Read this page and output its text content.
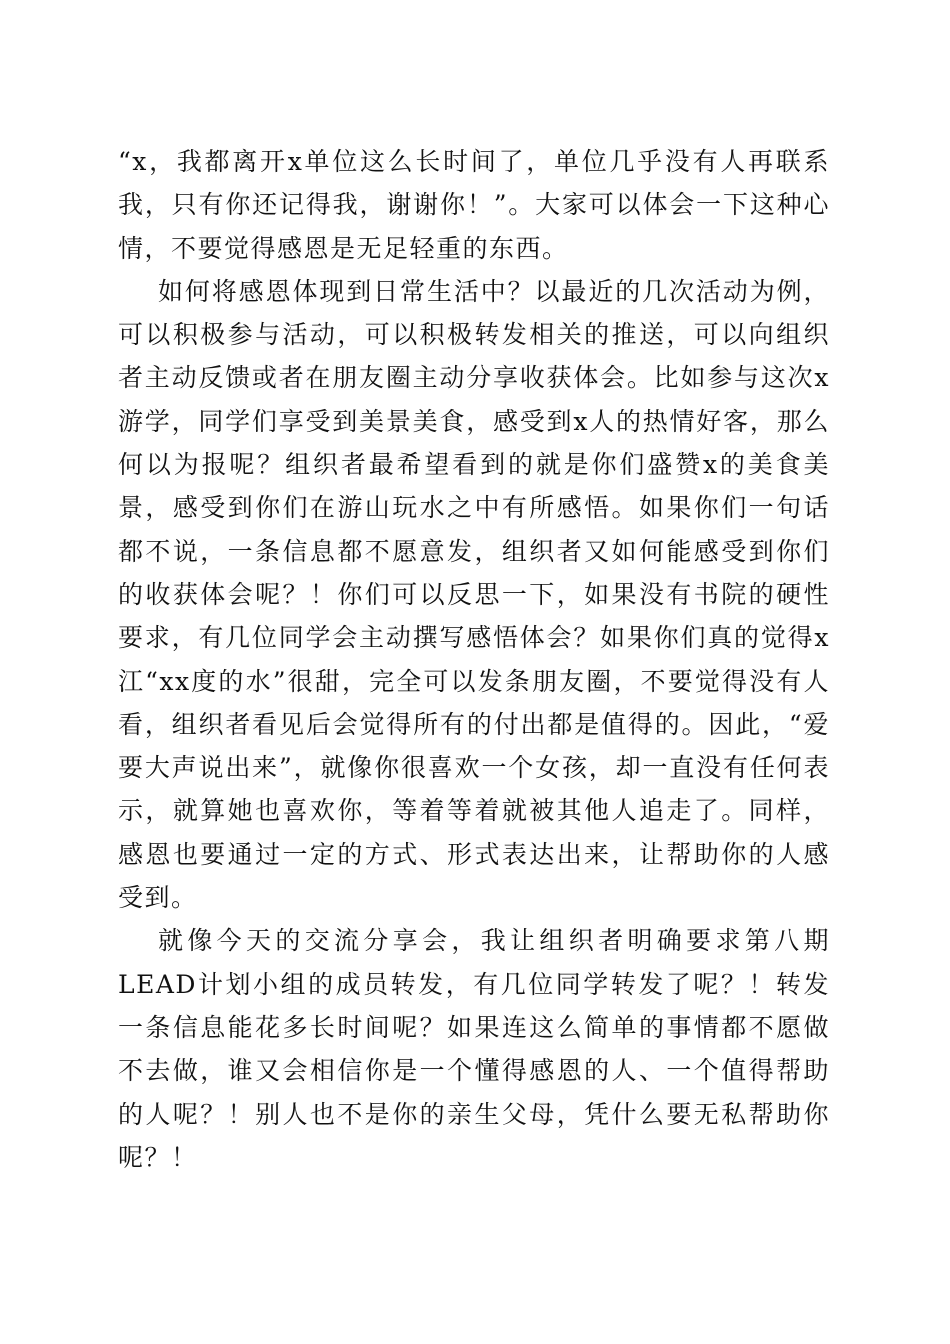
“x，我都离开x单位这么长时间了，单位几乎没有人再联系我，只有你还记得我，谢谢你！”。大家可以体会一下这种心情，不要觉得感恩是无足轻重的东西。

如何将感恩体现到日常生活中？以最近的几次活动为例，可以积极参与活动，可以积极转发相关的推送，可以向组织者主动反馈或者在朋友圈主动分享收获体会。比如参与这次x游学，同学们享受到美景美食，感受到x人的热情好客，那么何以为报呢？组织者最希望看到的就是你们盛赞x的美食美景，感受到你们在游山玩水之中有所感悟。如果你们一句话都不说，一条信息都不愿意发，组织者又如何能感受到你们的收获体会呢？！你们可以反思一下，如果没有书院的硬性要求，有几位同学会主动撰写感悟体会？如果你们真的觉得x江“xx度的水”很甜，完全可以发条朋友圈，不要觉得没有人看，组织者看见后会觉得所有的付出都是值得的。因此，“爱要大声说出来”，就像你很喜欢一个女孩，却一直没有任何表示，就算她也喜欢你，等着等着就被其他人追走了。同样，感恩也要通过一定的方式、形式表达出来，让帮助你的人感受到。

就像今天的交流分享会，我让组织者明确要求第八期LEAD计划小组的成员转发，有几位同学转发了呢？！转发一条信息能花多长时间呢？如果连这么简单的事情都不愿做不去做，谁又会相信你是一个懂得感恩的人、一个值得帮助的人呢？！别人也不是你的亲生父母，凭什么要无私帮助你呢？！
